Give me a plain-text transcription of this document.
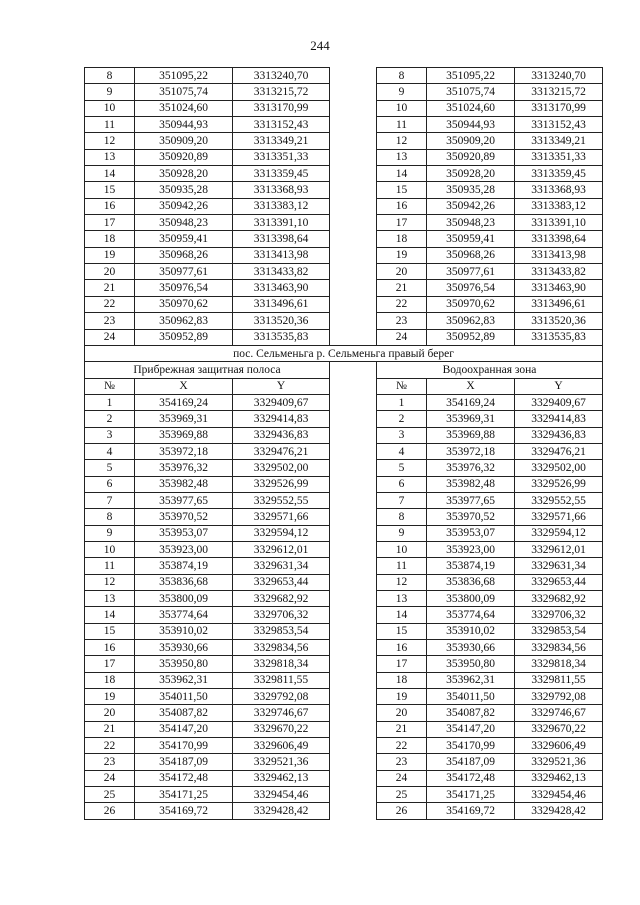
244
8	351095,22	3313240,70		8	351095,22	3313240,70
9	351075,74	3313215,72		9	351075,74	3313215,72
10	351024,60	3313170,99		10	351024,60	3313170,99
11	350944,93	3313152,43		11	350944,93	3313152,43
12	350909,20	3313349,21		12	350909,20	3313349,21
13	350920,89	3313351,33		13	350920,89	3313351,33
14	350928,20	3313359,45		14	350928,20	3313359,45
15	350935,28	3313368,93		15	350935,28	3313368,93
16	350942,26	3313383,12		16	350942,26	3313383,12
17	350948,23	3313391,10		17	350948,23	3313391,10
18	350959,41	3313398,64		18	350959,41	3313398,64
19	350968,26	3313413,98		19	350968,26	3313413,98
20	350977,61	3313433,82		20	350977,61	3313433,82
21	350976,54	3313463,90		21	350976,54	3313463,90
22	350970,62	3313496,61		22	350970,62	3313496,61
23	350962,83	3313520,36		23	350962,83	3313520,36
24	350952,89	3313535,83		24	350952,89	3313535,83
пос. Сельменьга р. Сельменьга правый берег						
Прибрежная защитная полоса				Водоохранная зона		
№	X	Y		№	X	Y
1	354169,24	3329409,67		1	354169,24	3329409,67
2	353969,31	3329414,83		2	353969,31	3329414,83
3	353969,88	3329436,83		3	353969,88	3329436,83
4	353972,18	3329476,21		4	353972,18	3329476,21
5	353976,32	3329502,00		5	353976,32	3329502,00
6	353982,48	3329526,99		6	353982,48	3329526,99
7	353977,65	3329552,55		7	353977,65	3329552,55
8	353970,52	3329571,66		8	353970,52	3329571,66
9	353953,07	3329594,12		9	353953,07	3329594,12
10	353923,00	3329612,01		10	353923,00	3329612,01
11	353874,19	3329631,34		11	353874,19	3329631,34
12	353836,68	3329653,44		12	353836,68	3329653,44
13	353800,09	3329682,92		13	353800,09	3329682,92
14	353774,64	3329706,32		14	353774,64	3329706,32
15	353910,02	3329853,54		15	353910,02	3329853,54
16	353930,66	3329834,56		16	353930,66	3329834,56
17	353950,80	3329818,34		17	353950,80	3329818,34
18	353962,31	3329811,55		18	353962,31	3329811,55
19	354011,50	3329792,08		19	354011,50	3329792,08
20	354087,82	3329746,67		20	354087,82	3329746,67
21	354147,20	3329670,22		21	354147,20	3329670,22
22	354170,99	3329606,49		22	354170,99	3329606,49
23	354187,09	3329521,36		23	354187,09	3329521,36
24	354172,48	3329462,13		24	354172,48	3329462,13
25	354171,25	3329454,46		25	354171,25	3329454,46
26	354169,72	3329428,42		26	354169,72	3329428,42
